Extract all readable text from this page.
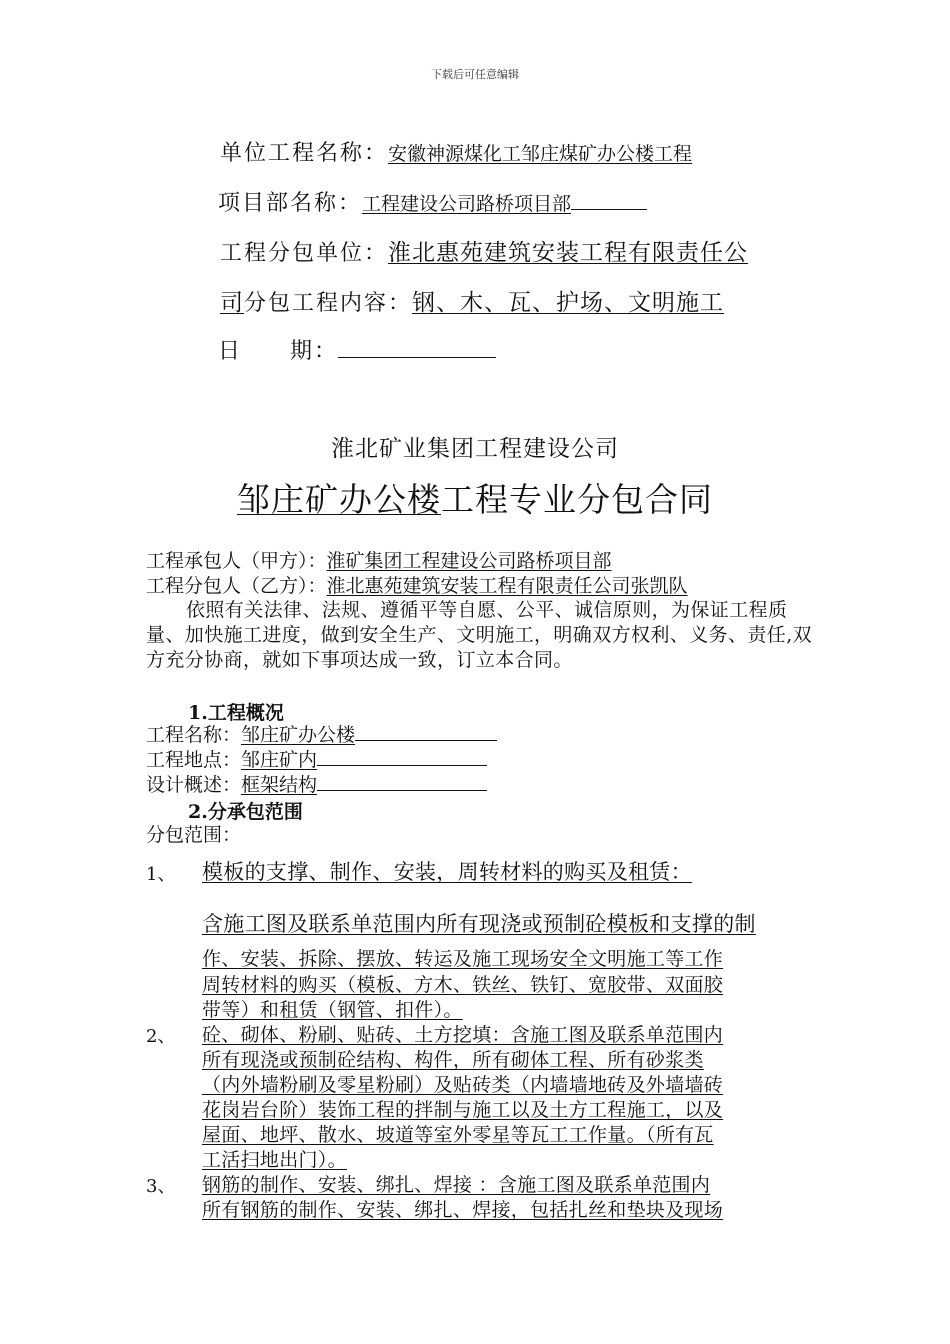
下载后可任意编辑
单位工程名称：安徽神源煤化工邹庄煤矿办公楼工程
项目部名称：工程建设公司路桥项目部
工程分包单位：淮北惠苑建筑安装工程有限责任公
司分包工程内容：钢、木、瓦、护场、文明施工
日　　期：
淮北矿业集团工程建设公司
邹庄矿办公楼工程专业分包合同
工程承包人（甲方）：淮矿集团工程建设公司路桥项目部
工程分包人（乙方）：淮北惠苑建筑安装工程有限责任公司张凯队
依照有关法律、法规、遵循平等自愿、公平、诚信原则，为保证工程质量、加快施工进度，做到安全生产、文明施工，明确双方权利、义务、责任,双方充分协商，就如下事项达成一致，订立本合同。
1.工程概况
工程名称：邹庄矿办公楼
工程地点：邹庄矿内
设计概述：框架结构
2.分承包范围
分包范围：
1、 模板的支撑、制作、安装，周转材料的购买及租赁：
含施工图及联系单范围内所有现浇或预制砼模板和支撑的制
作、安装、拆除、摆放、转运及施工现场安全文明施工等工作
周转材料的购买（模板、方木、铁丝、铁钉、宽胶带、双面胶
带等）和租赁（钢管、扣件）。
2、 砼、砌体、粉刷、贴砖、土方挖填：含施工图及联系单范围内
所有现浇或预制砼结构、构件，所有砌体工程、所有砂浆类
（内外墙粉刷及零星粉刷）及贴砖类（内墙墙地砖及外墙墙砖
花岗岩台阶）装饰工程的拌制与施工以及土方工程施工，以及
屋面、地坪、散水、坡道等室外零星等瓦工工作量。（所有瓦
工活扫地出门）。
3、 钢筋的制作、安装、绑扎、焊接 ：含施工图及联系单范围内
所有钢筋的制作、安装、绑扎、焊接，包括扎丝和垫块及现场
